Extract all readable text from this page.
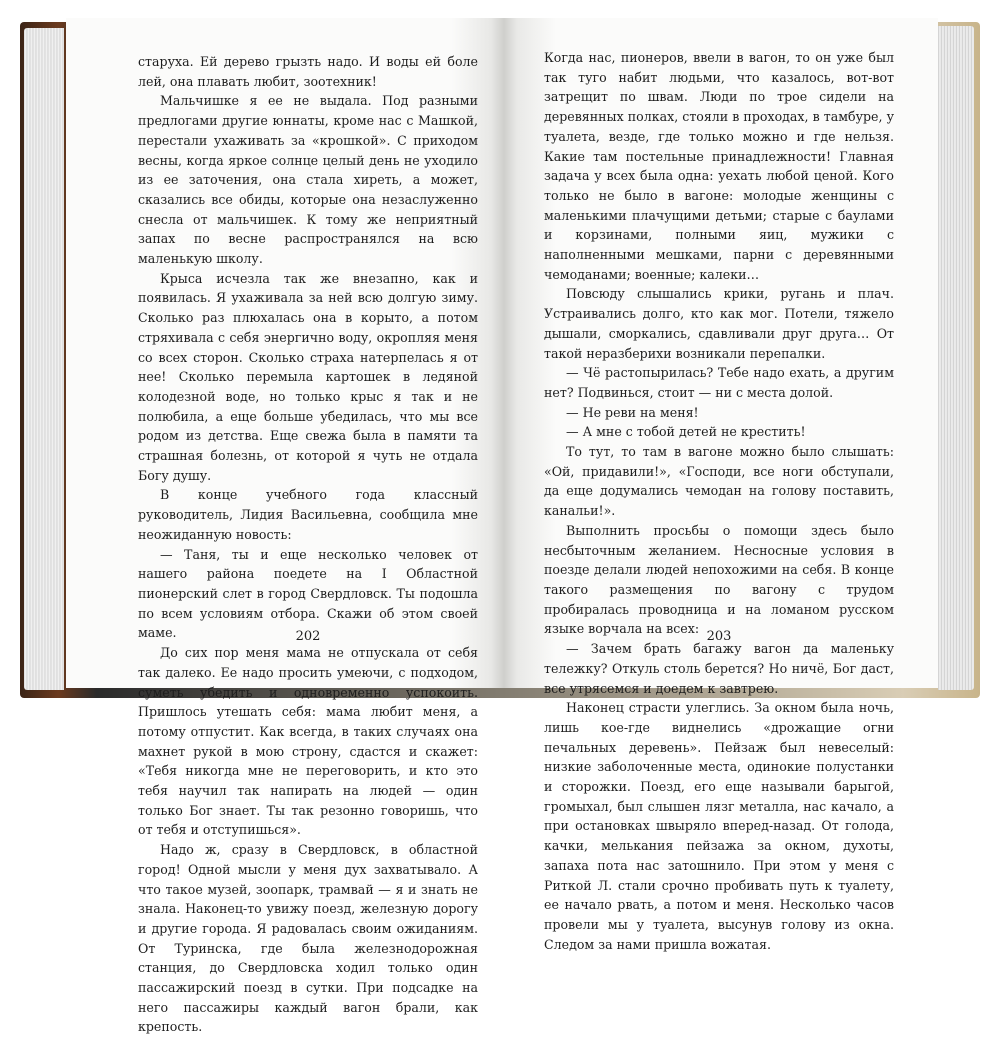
старуха. Ей дерево грызть надо. И воды ей боле лей, она плавать любит, зоотехник!

Мальчишке я ее не выдала. Под разными предлогами другие юннаты, кроме нас с Машкой, перестали ухаживать за «крошкой». С приходом весны, когда яркое солнце целый день не уходило из ее заточения, она стала хиреть, а может, сказались все обиды, которые она незаслуженно снесла от мальчишек. К тому же неприятный запах по весне распространялся на всю маленькую школу.

Крыса исчезла так же внезапно, как и появилась. Я ухаживала за ней всю долгую зиму. Сколько раз плюхалась она в корыто, а потом стряхивала с себя энергично воду, окропляя меня со всех сторон. Сколько страха натерпелась я от нее! Сколько перемыла картошек в ледяной колодезной воде, но только крыс я так и не полюбила, а еще больше убедилась, что мы все родом из детства. Еще свежа была в памяти та страшная болезнь, от которой я чуть не отдала Богу душу.

В конце учебного года классный руководитель, Лидия Васильевна, сообщила мне неожиданную новость:

— Таня, ты и еще несколько человек от нашего района поедете на I Областной пионерский слет в город Свердловск. Ты подошла по всем условиям отбора. Скажи об этом своей маме.

До сих пор меня мама не отпускала от себя так далеко. Ее надо просить умеючи, с подходом, суметь убедить и одновременно успокоить. Пришлось утешать себя: мама любит меня, а потому отпустит. Как всегда, в таких случаях она махнет рукой в мою строну, сдастся и скажет: «Тебя никогда мне не переговорить, и кто это тебя научил так напирать на людей — один только Бог знает. Ты так резонно говоришь, что от тебя и отступишься».

Надо ж, сразу в Свердловск, в областной город! Одной мысли у меня дух захватывало. А что такое музей, зоопарк, трамвай — я и знать не знала. Наконец-то увижу поезд, железную дорогу и другие города. Я радовалась своим ожиданиям. От Туринска, где была железнодорожная станция, до Свердловска ходил только один пассажирский поезд в сутки. При подсадке на него пассажиры каждый вагон брали, как крепость.

202

Когда нас, пионеров, ввели в вагон, то он уже был так туго набит людьми, что казалось, вот-вот затрещит по швам. Люди по трое сидели на деревянных полках, стояли в проходах, в тамбуре, у туалета, везде, где только можно и где нельзя. Какие там постельные принадлежности! Главная задача у всех была одна: уехать любой ценой. Кого только не было в вагоне: молодые женщины с маленькими плачущими детьми; старые с баулами и корзинами, полными яиц, мужики с наполненными мешками, парни с деревянными чемоданами; военные; калеки…

Повсюду слышались крики, ругань и плач. Устраивались долго, кто как мог. Потели, тяжело дышали, сморкались, сдавливали друг друга… От такой неразберихи возникали перепалки.

— Чё растопырилась? Тебе надо ехать, а другим нет? Подвинься, стоит — ни с места долой.

— Не реви на меня!

— А мне с тобой детей не крестить!

То тут, то там в вагоне можно было слышать: «Ой, придавили!», «Господи, все ноги обступали, да еще додумались чемодан на голову поставить, канальи!».

Выполнить просьбы о помощи здесь было несбыточным желанием. Несносные условия в поезде делали людей непохожими на себя. В конце такого размещения по вагону с трудом пробиралась проводница и на ломаном русском языке ворчала на всех:

— Зачем брать багажу вагон да маленьку тележку? Откуль столь берется? Но ничё, Бог даст, все утрясемся и доедем к завтрею.

Наконец страсти улеглись. За окном была ночь, лишь кое-где виднелись «дрожащие огни печальных деревень». Пейзаж был невеселый: низкие заболоченные места, одинокие полустанки и сторожки. Поезд, его еще называли барыгой, громыхал, был слышен лязг металла, нас качало, а при остановках швыряло вперед-назад. От голода, качки, мелькания пейзажа за окном, духоты, запаха пота нас затошнило. При этом у меня с Риткой Л. стали срочно пробивать путь к туалету, ее начало рвать, а потом и меня. Несколько часов провели мы у туалета, высунув голову из окна. Следом за нами пришла вожатая.

203
